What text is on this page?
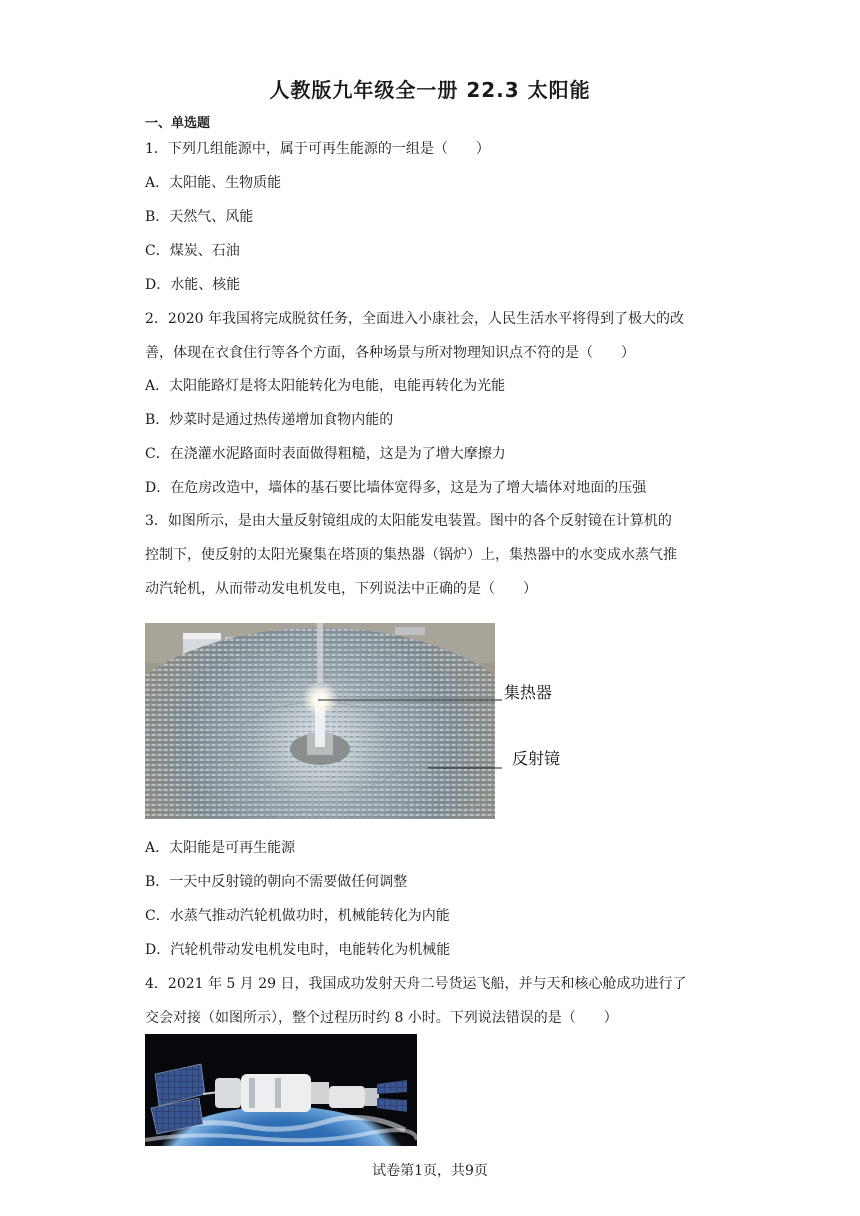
人教版九年级全一册 22.3 太阳能
一、单选题
1．下列几组能源中，属于可再生能源的一组是（　　）
A．太阳能、生物质能
B．天然气、风能
C．煤炭、石油
D．水能、核能
2．2020 年我国将完成脱贫任务，全面进入小康社会，人民生活水平将得到了极大的改
善，体现在衣食住行等各个方面，各种场景与所对物理知识点不符的是（　　）
A．太阳能路灯是将太阳能转化为电能，电能再转化为光能
B．炒菜时是通过热传递增加食物内能的
C．在浇灌水泥路面时表面做得粗糙，这是为了增大摩擦力
D．在危房改造中，墙体的基石要比墙体宽得多，这是为了增大墙体对地面的压强
3．如图所示，是由大量反射镜组成的太阳能发电装置。图中的各个反射镜在计算机的
控制下，使反射的太阳光聚集在塔顶的集热器（锅炉）上，集热器中的水变成水蒸气推
动汽轮机，从而带动发电机发电，下列说法中正确的是（　　）
集热器
反射镜
A．太阳能是可再生能源
B．一天中反射镜的朝向不需要做任何调整
C．水蒸气推动汽轮机做功时，机械能转化为内能
D．汽轮机带动发电机发电时，电能转化为机械能
4．2021 年 5 月 29 日，我国成功发射天舟二号货运飞船，并与天和核心舱成功进行了
交会对接（如图所示），整个过程历时约 8 小时。下列说法错误的是（　　）
试卷第1页，共9页
